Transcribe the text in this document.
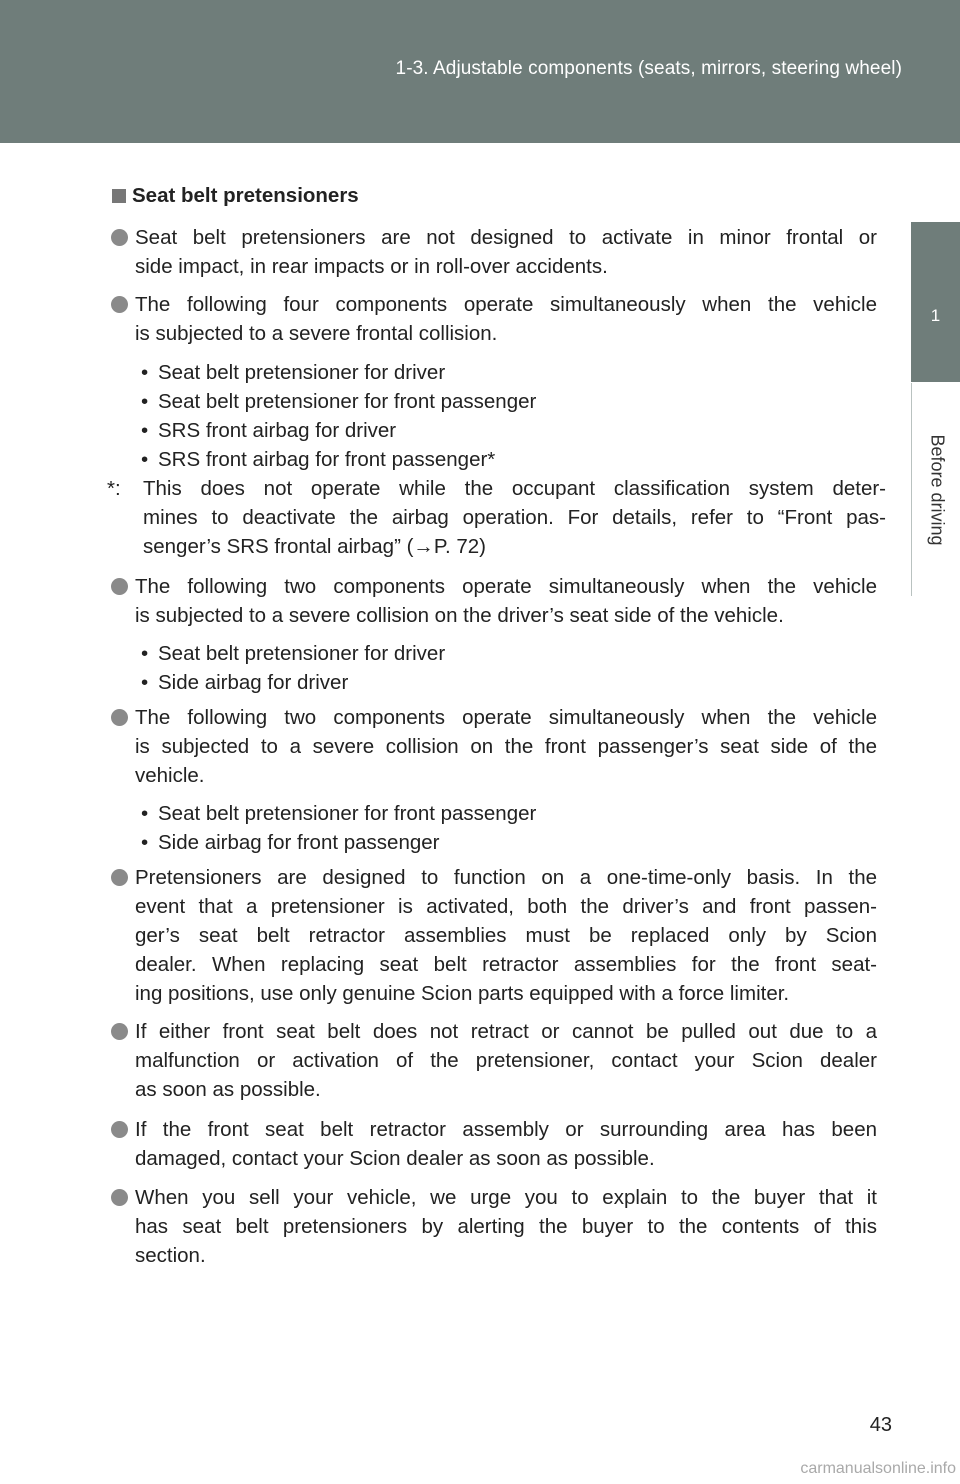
1-3. Adjustable components (seats, mirrors, steering wheel)
1
Before driving
Seat belt pretensioners
Seat belt pretensioners are not designed to activate in minor frontal or
side impact, in rear impacts or in roll-over accidents.
The following four components operate simultaneously when the vehicle
is subjected to a severe frontal collision.
• Seat belt pretensioner for driver
• Seat belt pretensioner for front passenger
• SRS front airbag for driver
• SRS front airbag for front passenger*
*: This does not operate while the occupant classification system deter-
mines to deactivate the airbag operation. For details, refer to “Front pas-
senger’s SRS frontal airbag” (→P. 72)
The following two components operate simultaneously when the vehicle
is subjected to a severe collision on the driver’s seat side of the vehicle.
• Seat belt pretensioner for driver
• Side airbag for driver
The following two components operate simultaneously when the vehicle
is subjected to a severe collision on the front passenger’s seat side of the
vehicle.
• Seat belt pretensioner for front passenger
• Side airbag for front passenger
Pretensioners are designed to function on a one-time-only basis. In the
event that a pretensioner is activated, both the driver’s and front passen-
ger’s seat belt retractor assemblies must be replaced only by Scion
dealer. When replacing seat belt retractor assemblies for the front seat-
ing positions, use only genuine Scion parts equipped with a force limiter.
If either front seat belt does not retract or cannot be pulled out due to a
malfunction or activation of the pretensioner, contact your Scion dealer
as soon as possible.
If the front seat belt retractor assembly or surrounding area has been
damaged, contact your Scion dealer as soon as possible.
When you sell your vehicle, we urge you to explain to the buyer that it
has seat belt pretensioners by alerting the buyer to the contents of this
section.
43
carmanualsonline.info
